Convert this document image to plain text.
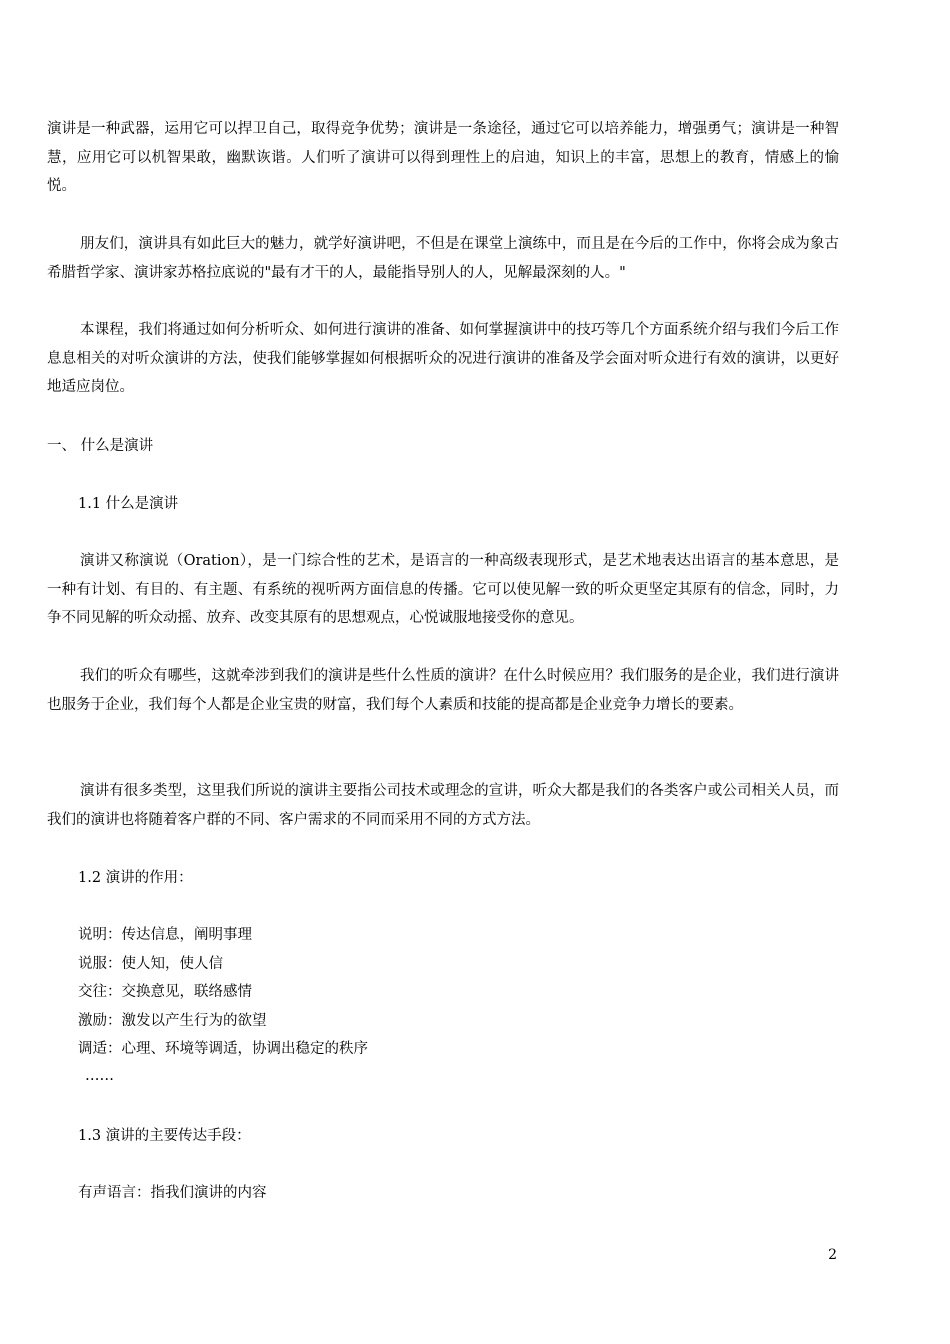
演讲是一种武器，运用它可以捍卫自己，取得竞争优势；演讲是一条途径，通过它可以培养能力，增强勇气；演讲是一种智慧，应用它可以机智果敢，幽默诙谐。人们听了演讲可以得到理性上的启迪，知识上的丰富，思想上的教育，情感上的愉悦。

朋友们，演讲具有如此巨大的魅力，就学好演讲吧，不但是在课堂上演练中，而且是在今后的工作中，你将会成为象古希腊哲学家、演讲家苏格拉底说的"最有才干的人，最能指导别人的人，见解最深刻的人。"

本课程，我们将通过如何分析听众、如何进行演讲的准备、如何掌握演讲中的技巧等几个方面系统介绍与我们今后工作息息相关的对听众演讲的方法，使我们能够掌握如何根据听众的况进行演讲的准备及学会面对听众进行有效的演讲，以更好地适应岗位。

一、 什么是演讲
1.1 什么是演讲

演讲又称演说（Oration），是一门综合性的艺术，是语言的一种高级表现形式，是艺术地表达出语言的基本意思，是一种有计划、有目的、有主题、有系统的视听两方面信息的传播。它可以使见解一致的听众更坚定其原有的信念，同时，力争不同见解的听众动摇、放弃、改变其原有的思想观点，心悦诚服地接受你的意见。

我们的听众有哪些，这就牵涉到我们的演讲是些什么性质的演讲？在什么时候应用？我们服务的是企业，我们进行演讲也服务于企业，我们每个人都是企业宝贵的财富，我们每个人素质和技能的提高都是企业竞争力增长的要素。

演讲有很多类型，这里我们所说的演讲主要指公司技术或理念的宣讲，听众大都是我们的各类客户或公司相关人员，而我们的演讲也将随着客户群的不同、客户需求的不同而采用不同的方式方法。

1.2 演讲的作用：
说明：传达信息，阐明事理
说服：使人知，使人信
交往：交换意见，联络感情
激励：激发以产生行为的欲望
调适：心理、环境等调适，协调出稳定的秩序
……
1.3 演讲的主要传达手段：
有声语言：指我们演讲的内容
2
